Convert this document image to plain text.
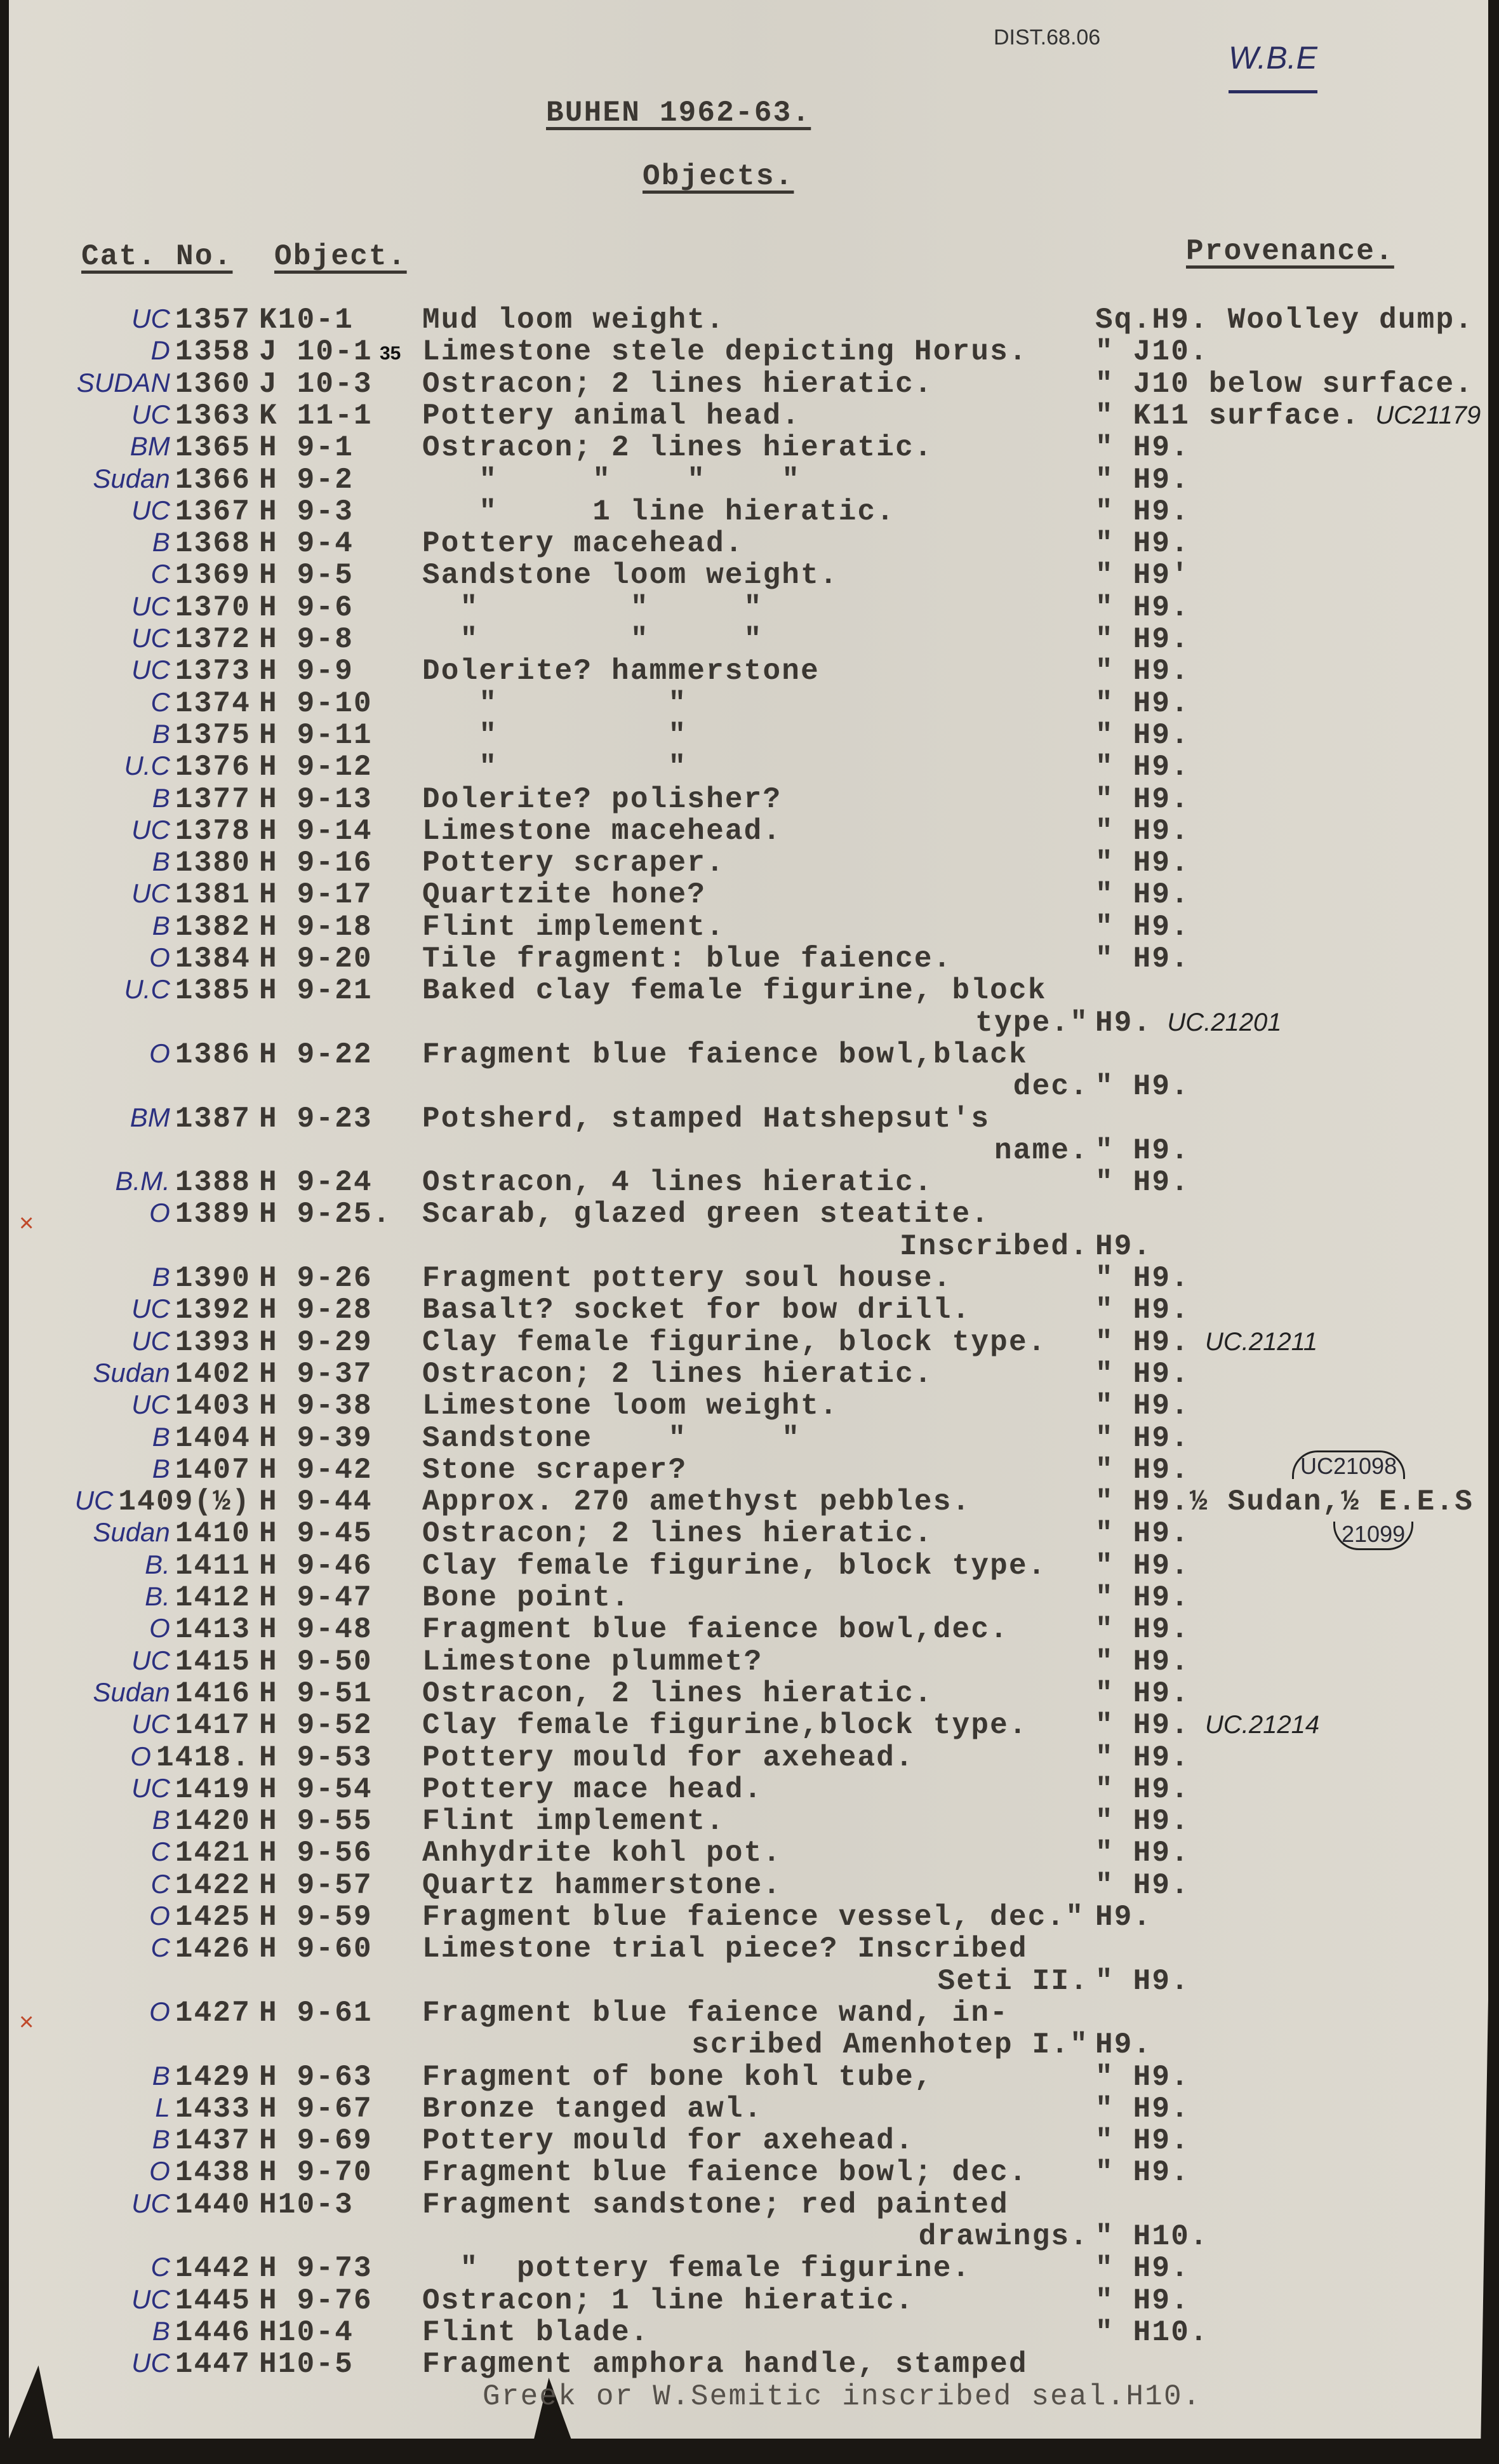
DIST.68.06
W.B.E
BUHEN 1962-63.
Objects.
Cat. No. Object.	Provenance.
UC 1357 K10-1 Mud loom weight.	Sq.H9. Woolley dump.
D 1358 J 10-1 Limestone stele depicting Horus. " J10.
SUDAN 1360 J 10-3 Ostracon; 2 lines hieratic.	" J10 below surface.
UC 1363 K 11-1 Pottery animal head.	" K11 surface. UC21179
BM 1365 H 9-1 Ostracon; 2 lines hieratic.	" H9.
Sudan 1366 H 9-2 "     "    "    "	" H9.
UC 1367 H 9-3 "     1 line hieratic.	" H9.
B 1368 H 9-4 Pottery macehead.	" H9.
C 1369 H 9-5 Sandstone loom weight.	" H9'
UC 1370 H 9-6 "        "     "	" H9.
UC 1372 H 9-8 "        "     "	" H9.
UC 1373 H 9-9 Dolerite? hammerstone	" H9.
C 1374 H 9-10 "         "	" H9.
B 1375 H 9-11 "         "	" H9.
U.C 1376 H 9-12 "         "	" H9.
B 1377 H 9-13 Dolerite? polisher?	" H9.
UC 1378 H 9-14 Limestone macehead.	" H9.
B 1380 H 9-16 Pottery scraper.	" H9.
UC 1381 H 9-17 Quartzite hone?	" H9.
B 1382 H 9-18 Flint implement.	" H9.
O 1384 H 9-20 Tile fragment: blue faience.	" H9.
U.C 1385 H 9-21 Baked clay female figurine, block
type." H9. UC.21201
O 1386 H 9-22 Fragment blue faience bowl,black
dec. " H9.
BM 1387 H 9-23 Potsherd, stamped Hatshepsut's
name. " H9.
B.M. 1388 H 9-24 Ostracon, 4 lines hieratic.	" H9.
O 1389 H 9-25. Scarab, glazed green steatite.
×
Inscribed. H9.
B 1390 H 9-26 Fragment pottery soul house.	" H9.
UC 1392 H 9-28 Basalt? socket for bow drill.	" H9.
UC 1393 H 9-29 Clay female figurine, block type. " H9. UC.21211
Sudan 1402 H 9-37 Ostracon; 2 lines hieratic.	" H9.
UC 1403 H 9-38 Limestone loom weight.	" H9.
B 1404 H 9-39 Sandstone    "     "	" H9.
B 1407 H 9-42 Stone scraper?	" H9.
UC 1409(½) H 9-44 Approx. 270 amethyst pebbles.	" H9.½ Sudan,½ E.E.S
Sudan 1410 H 9-45 Ostracon; 2 lines hieratic.	" H9.
B. 1411 H 9-46 Clay female figurine, block type. " H9.
B. 1412 H 9-47 Bone point.	" H9.
O 1413 H 9-48 Fragment blue faience bowl,dec.	" H9.
UC 1415 H 9-50 Limestone plummet?	" H9.
Sudan 1416 H 9-51 Ostracon, 2 lines hieratic.	" H9.
UC 1417 H 9-52 Clay female figurine,block type. " H9. UC.21214
O 1418. H 9-53 Pottery mould for axehead.	" H9.
UC 1419 H 9-54 Pottery mace head.	" H9.
B 1420 H 9-55 Flint implement.	" H9.
C 1421 H 9-56 Anhydrite kohl pot.	" H9.
C 1422 H 9-57 Quartz hammerstone.	" H9.
O 1425 H 9-59 Fragment blue faience vessel, dec." H9.
C 1426 H 9-60 Limestone trial piece? Inscribed
Seti II. " H9.
O 1427 H 9-61 Fragment blue faience wand, in-
×
scribed Amenhotep I." H9.
B 1429 H 9-63 Fragment of bone kohl tube,	" H9.
L 1433 H 9-67 Bronze tanged awl.	" H9.
B 1437 H 9-69 Pottery mould for axehead.	" H9.
O 1438 H 9-70 Fragment blue faience bowl; dec. " H9.
UC 1440 H10-3 Fragment sandstone; red painted
drawings. " H10.
C 1442 H 9-73 "  pottery female figurine.	" H9.
UC 1445 H 9-76 Ostracon; 1 line hieratic.	" H9.
B 1446 H10-4 Flint blade.	" H10.
UC 1447 H10-5 Fragment amphora handle, stamped
Greek or W.Semitic inscribed seal.H10.
35
UC21098
21099
